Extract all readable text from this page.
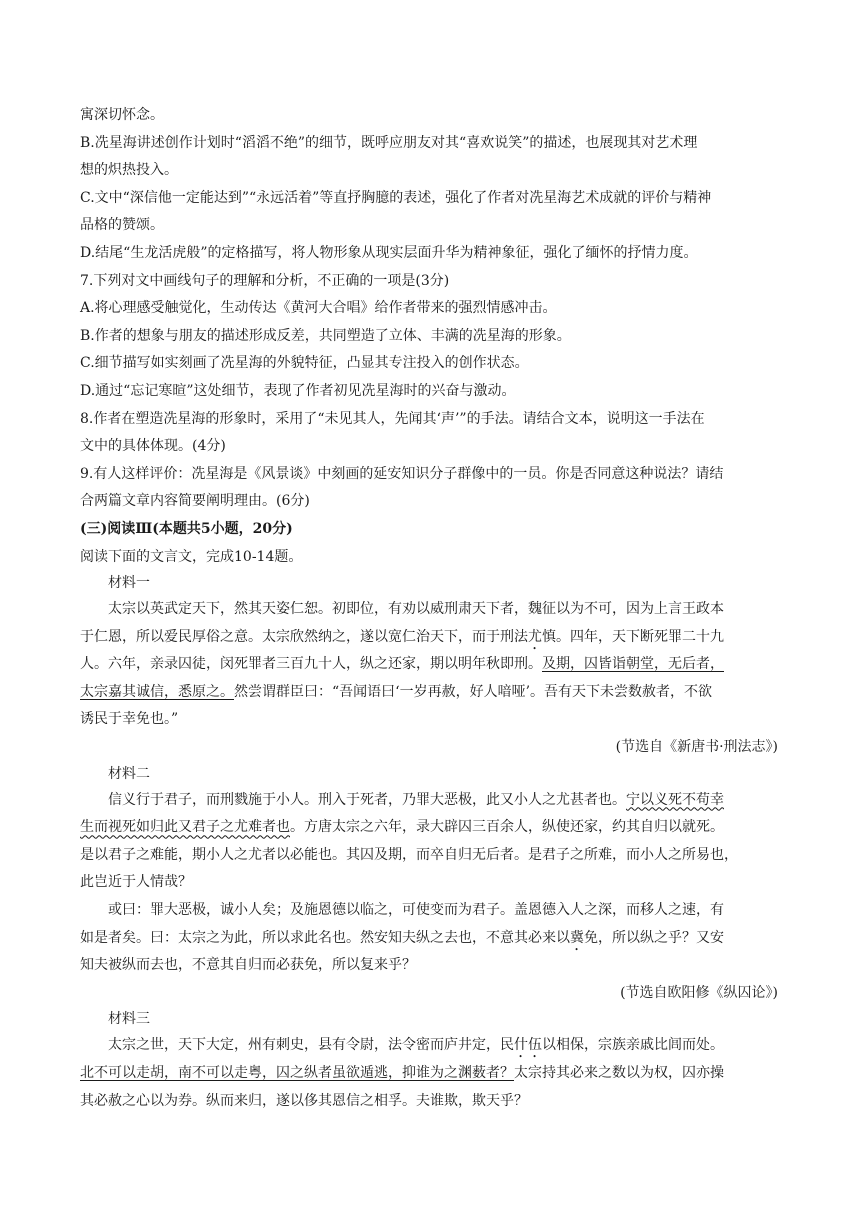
寓深切怀念。
B.冼星海讲述创作计划时“滔滔不绝”的细节，既呼应朋友对其“喜欢说笑”的描述，也展现其对艺术理
想的炽热投入。
C.文中“深信他一定能达到”“永远活着”等直抒胸臆的表述，强化了作者对冼星海艺术成就的评价与精神
品格的赞颂。
D.结尾“生龙活虎般”的定格描写，将人物形象从现实层面升华为精神象征，强化了缅怀的抒情力度。
7.下列对文中画线句子的理解和分析，不正确的一项是(3分)
A.将心理感受触觉化，生动传达《黄河大合唱》给作者带来的强烈情感冲击。
B.作者的想象与朋友的描述形成反差，共同塑造了立体、丰满的冼星海的形象。
C.细节描写如实刻画了冼星海的外貌特征，凸显其专注投入的创作状态。
D.通过“忘记寒暄”这处细节，表现了作者初见冼星海时的兴奋与激动。
8.作者在塑造冼星海的形象时，采用了“未见其人，先闻其‘声’”的手法。请结合文本，说明这一手法在
文中的具体体现。(4分)
9.有人这样评价：冼星海是《风景谈》中刻画的延安知识分子群像中的一员。你是否同意这种说法？请结
合两篇文章内容简要阐明理由。(6分)
(三)阅读Ⅲ(本题共5小题，20分)
阅读下面的文言文，完成10-14题。
材料一
太宗以英武定天下，然其天姿仁恕。初即位，有劝以威刑肃天下者，魏征以为不可，因为上言王政本
于仁恩，所以爱民厚俗之意。太宗欣然纳之，遂以宽仁治天下，而于刑法尤慎。四年，天下断死罪二十九
人。六年，亲录囚徒，闵死罪者三百九十人，纵之还家，期以明年秋即刑。及期，囚皆诣朝堂，无后者，
太宗嘉其诚信，悉原之。然尝谓群臣曰：“吾闻语曰‘一岁再赦，好人喑哑’。吾有天下未尝数赦者，不欲
诱民于幸免也。”
(节选自《新唐书·刑法志》)
材料二
信义行于君子，而刑戮施于小人。刑入于死者，乃罪大恶极，此又小人之尤甚者也。宁以义死不苟幸
生而视死如归此又君子之尤难者也。方唐太宗之六年，录大辟囚三百余人，纵使还家，约其自归以就死。
是以君子之难能，期小人之尤者以必能也。其囚及期，而卒自归无后者。是君子之所难，而小人之所易也，
此岂近于人情哉？
或曰：罪大恶极，诚小人矣；及施恩德以临之，可使变而为君子。盖恩德入人之深，而移人之速，有
如是者矣。曰：太宗之为此，所以求此名也。然安知夫纵之去也，不意其必来以冀免，所以纵之乎？又安
知夫被纵而去也，不意其自归而必获免，所以复来乎？
(节选自欧阳修《纵囚论》)
材料三
太宗之世，天下大定，州有刺史，县有令尉，法令密而庐井定，民什伍以相保，宗族亲戚比闾而处。
北不可以走胡，南不可以走粤，囚之纵者虽欲遁逃，抑谁为之渊薮者？太宗持其必来之数以为权，囚亦操
其必赦之心以为券。纵而来归，遂以侈其恩信之相孚。夫谁欺，欺天乎？
